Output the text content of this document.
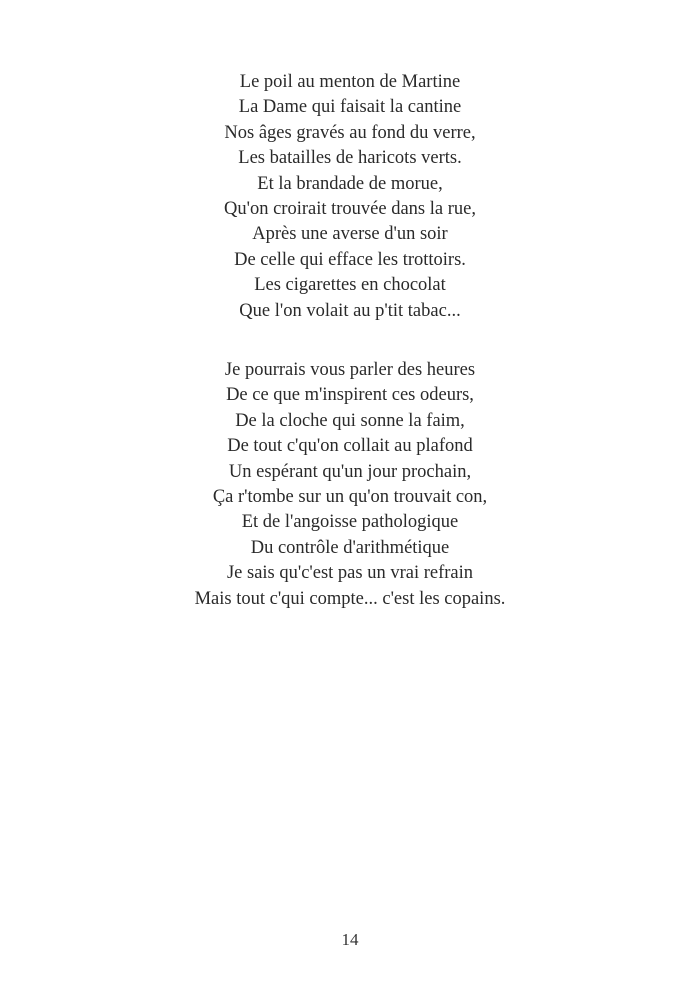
Le poil au menton de Martine
La Dame qui faisait la cantine
Nos âges gravés au fond du verre,
Les batailles de haricots verts.
Et la brandade de morue,
Qu'on croirait trouvée dans la rue,
Après une averse d'un soir
De celle qui efface les trottoirs.
Les cigarettes en chocolat
Que l'on volait au p'tit tabac...
Je pourrais vous parler des heures
De ce que m'inspirent ces odeurs,
De la cloche qui sonne la faim,
De tout c'qu'on collait au plafond
Un espérant qu'un jour prochain,
Ça r'tombe sur un qu'on trouvait con,
Et de l'angoisse pathologique
Du contrôle d'arithmétique
Je sais qu'c'est pas un vrai refrain
Mais tout c'qui compte... c'est les copains.
14
